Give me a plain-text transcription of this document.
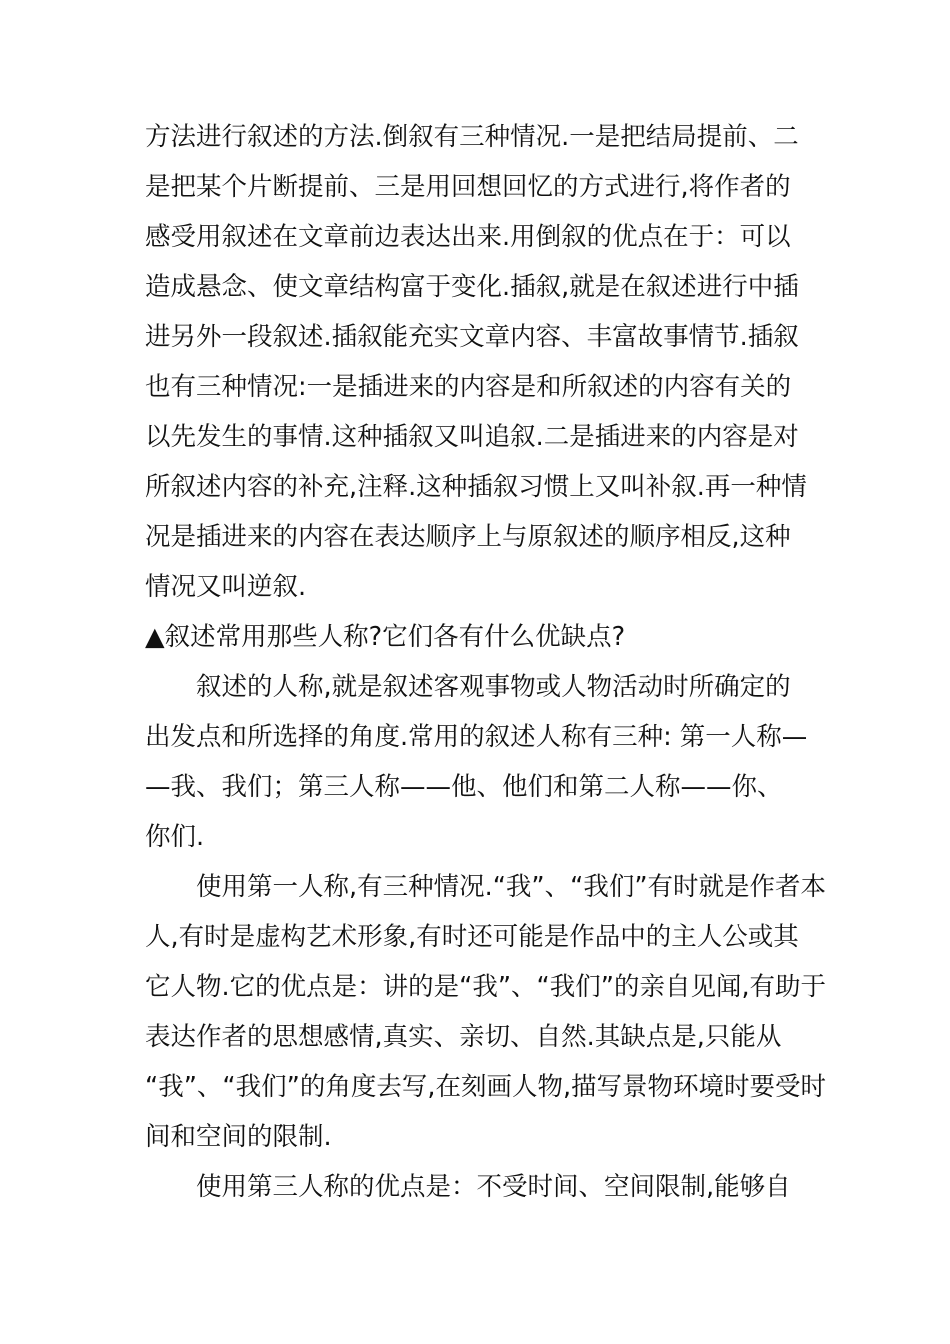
方法进行叙述的方法.倒叙有三种情况.一是把结局提前、二
是把某个片断提前、三是用回想回忆的方式进行,将作者的
感受用叙述在文章前边表达出来.用倒叙的优点在于：可以
造成悬念、使文章结构富于变化.插叙,就是在叙述进行中插
进另外一段叙述.插叙能充实文章内容、丰富故事情节.插叙
也有三种情况:一是插进来的内容是和所叙述的内容有关的
以先发生的事情.这种插叙又叫追叙.二是插进来的内容是对
所叙述内容的补充,注释.这种插叙习惯上又叫补叙.再一种情
况是插进来的内容在表达顺序上与原叙述的顺序相反,这种
情况又叫逆叙.
▲叙述常用那些人称?它们各有什么优缺点?
叙述的人称,就是叙述客观事物或人物活动时所确定的
出发点和所选择的角度.常用的叙述人称有三种: 第一人称—
—我、我们；第三人称——他、他们和第二人称——你、
你们.
使用第一人称,有三种情况.“我”、“我们”有时就是作者本
人,有时是虚构艺术形象,有时还可能是作品中的主人公或其
它人物.它的优点是：讲的是“我”、“我们”的亲自见闻,有助于
表达作者的思想感情,真实、亲切、自然.其缺点是,只能从
“我”、“我们”的角度去写,在刻画人物,描写景物环境时要受时
间和空间的限制.
使用第三人称的优点是：不受时间、空间限制,能够自
